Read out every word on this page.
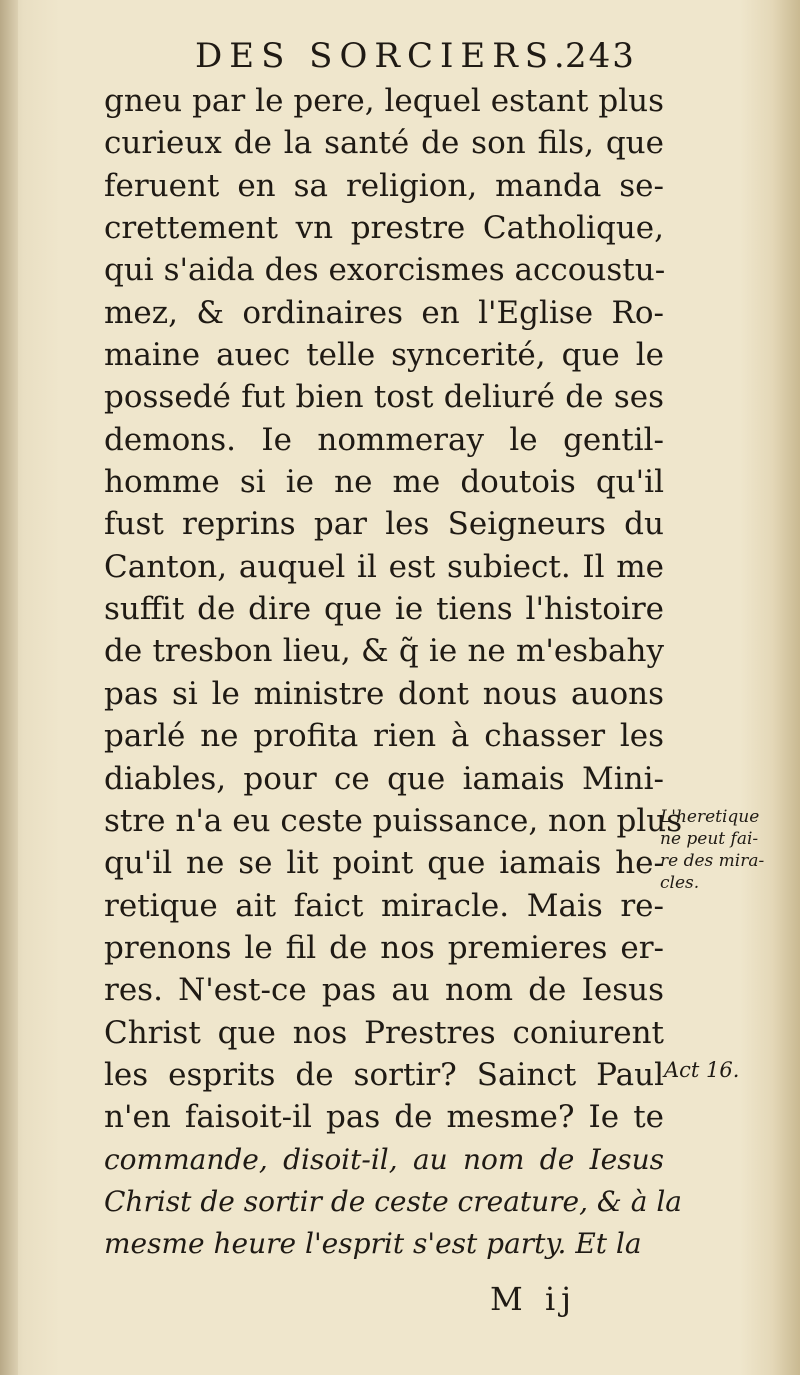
DES SORCIERS.
243
gneu par le pere, lequel estant plus
curieux de la santé de son fils, que
feruent en sa religion, manda se-
crettement vn prestre Catholique,
qui s'aida des exorcismes accoustu-
mez, & ordinaires en l'Eglise Ro-
maine auec telle syncerité, que le
possedé fut bien tost deliuré de ses
demons. Ie nommeray le gentil-
homme si ie ne me doutois qu'il
fust reprins par les Seigneurs du
Canton, auquel il est subiect. Il me
suffit de dire que ie tiens l'histoire
de tresbon lieu, & q̃ ie ne m'esbahy
pas si le ministre dont nous auons
parlé ne profita rien à chasser les
diables, pour ce que iamais Mini-
stre n'a eu ceste puissance, non plus
qu'il ne se lit point que iamais he-
retique ait faict miracle. Mais re-
prenons le fil de nos premieres er-
res. N'est-ce pas au nom de Iesus
Christ que nos Prestres coniurent
les esprits de sortir? Sainct Paul
n'en faisoit-il pas de mesme? Ie te
commande, disoit-il, au nom de Iesus
Christ de sortir de ceste creature, & à la
mesme heure l'esprit s'est party. Et la
L'heretique
ne peut fai-
re des mira-
cles.
Act 16.
M ij
